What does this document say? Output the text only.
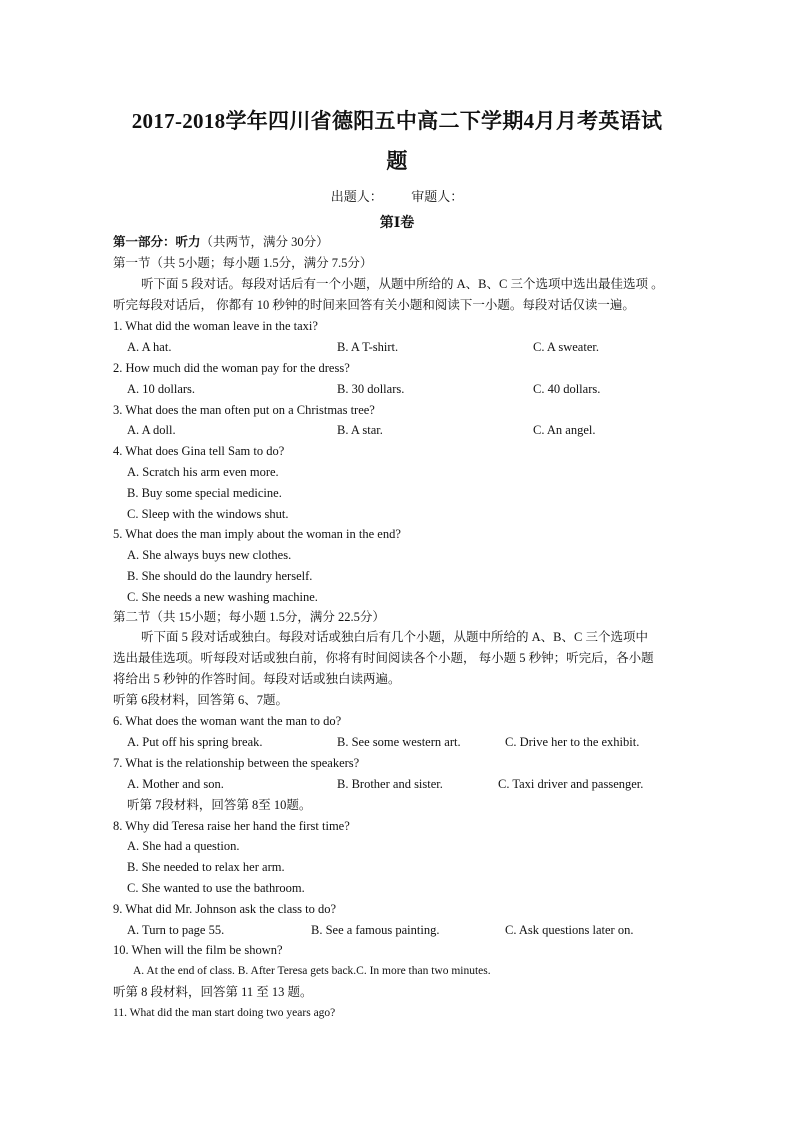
2017-2018学年四川省德阳五中高二下学期4月月考英语试
题
出题人： 审题人：
第Ⅰ卷
第一部分：听力（共两节，满分 30分）
第一节（共 5小题；每小题 1.5分，满分 7.5分）
听下面 5 段对话。每段对话后有一个小题，从题中所给的 A、B、C 三个选项中选出最佳选项 。
听完每段对话后， 你都有 10 秒钟的时间来回答有关小题和阅读下一小题。每段对话仅读一遍。
1. What did the woman leave in the taxi?
A. A hat.	B. A T-shirt.	C. A sweater.
2. How much did the woman pay for the dress?
A. 10 dollars.	B. 30 dollars.	C. 40 dollars.
3. What does the man often put on a Christmas tree?
A. A doll.	B. A star.	C. An angel.
4. What does Gina tell Sam to do?
A. Scratch his arm even more.
B. Buy some special medicine.
C. Sleep with the windows shut.
5. What does the man imply about the woman in the end?
A. She always buys new clothes.
B. She should do the laundry herself.
C. She needs a new washing machine.
第二节（共 15小题；每小题 1.5分，满分 22.5分）
听下面 5 段对话或独白。每段对话或独白后有几个小题，从题中所给的 A、B、C 三个选项中
选出最佳选项。听每段对话或独白前，你将有时间阅读各个小题， 每小题 5 秒钟；听完后，各小题
将给出 5 秒钟的作答时间。每段对话或独白读两遍。
听第 6段材料，回答第 6、7题。
6. What does the woman want the man to do?
A. Put off his spring break.	B. See some western art.	C. Drive her to the exhibit.
7. What is the relationship between the speakers?
A. Mother and son.	B. Brother and sister.	C. Taxi driver and passenger.
听第 7段材料，回答第 8至 10题。
8. Why did Teresa raise her hand the first time?
A. She had a question.
B. She needed to relax her arm.
C. She wanted to use the bathroom.
9. What did Mr. Johnson ask the class to do?
A. Turn to page 55.	B. See a famous painting.	C. Ask questions later on.
10. When will the film be shown?
A. At the end of class. B. After Teresa gets back.C. In more than two minutes.
听第 8 段材料，回答第 11 至 13 题。
11. What did the man start doing two years ago?
